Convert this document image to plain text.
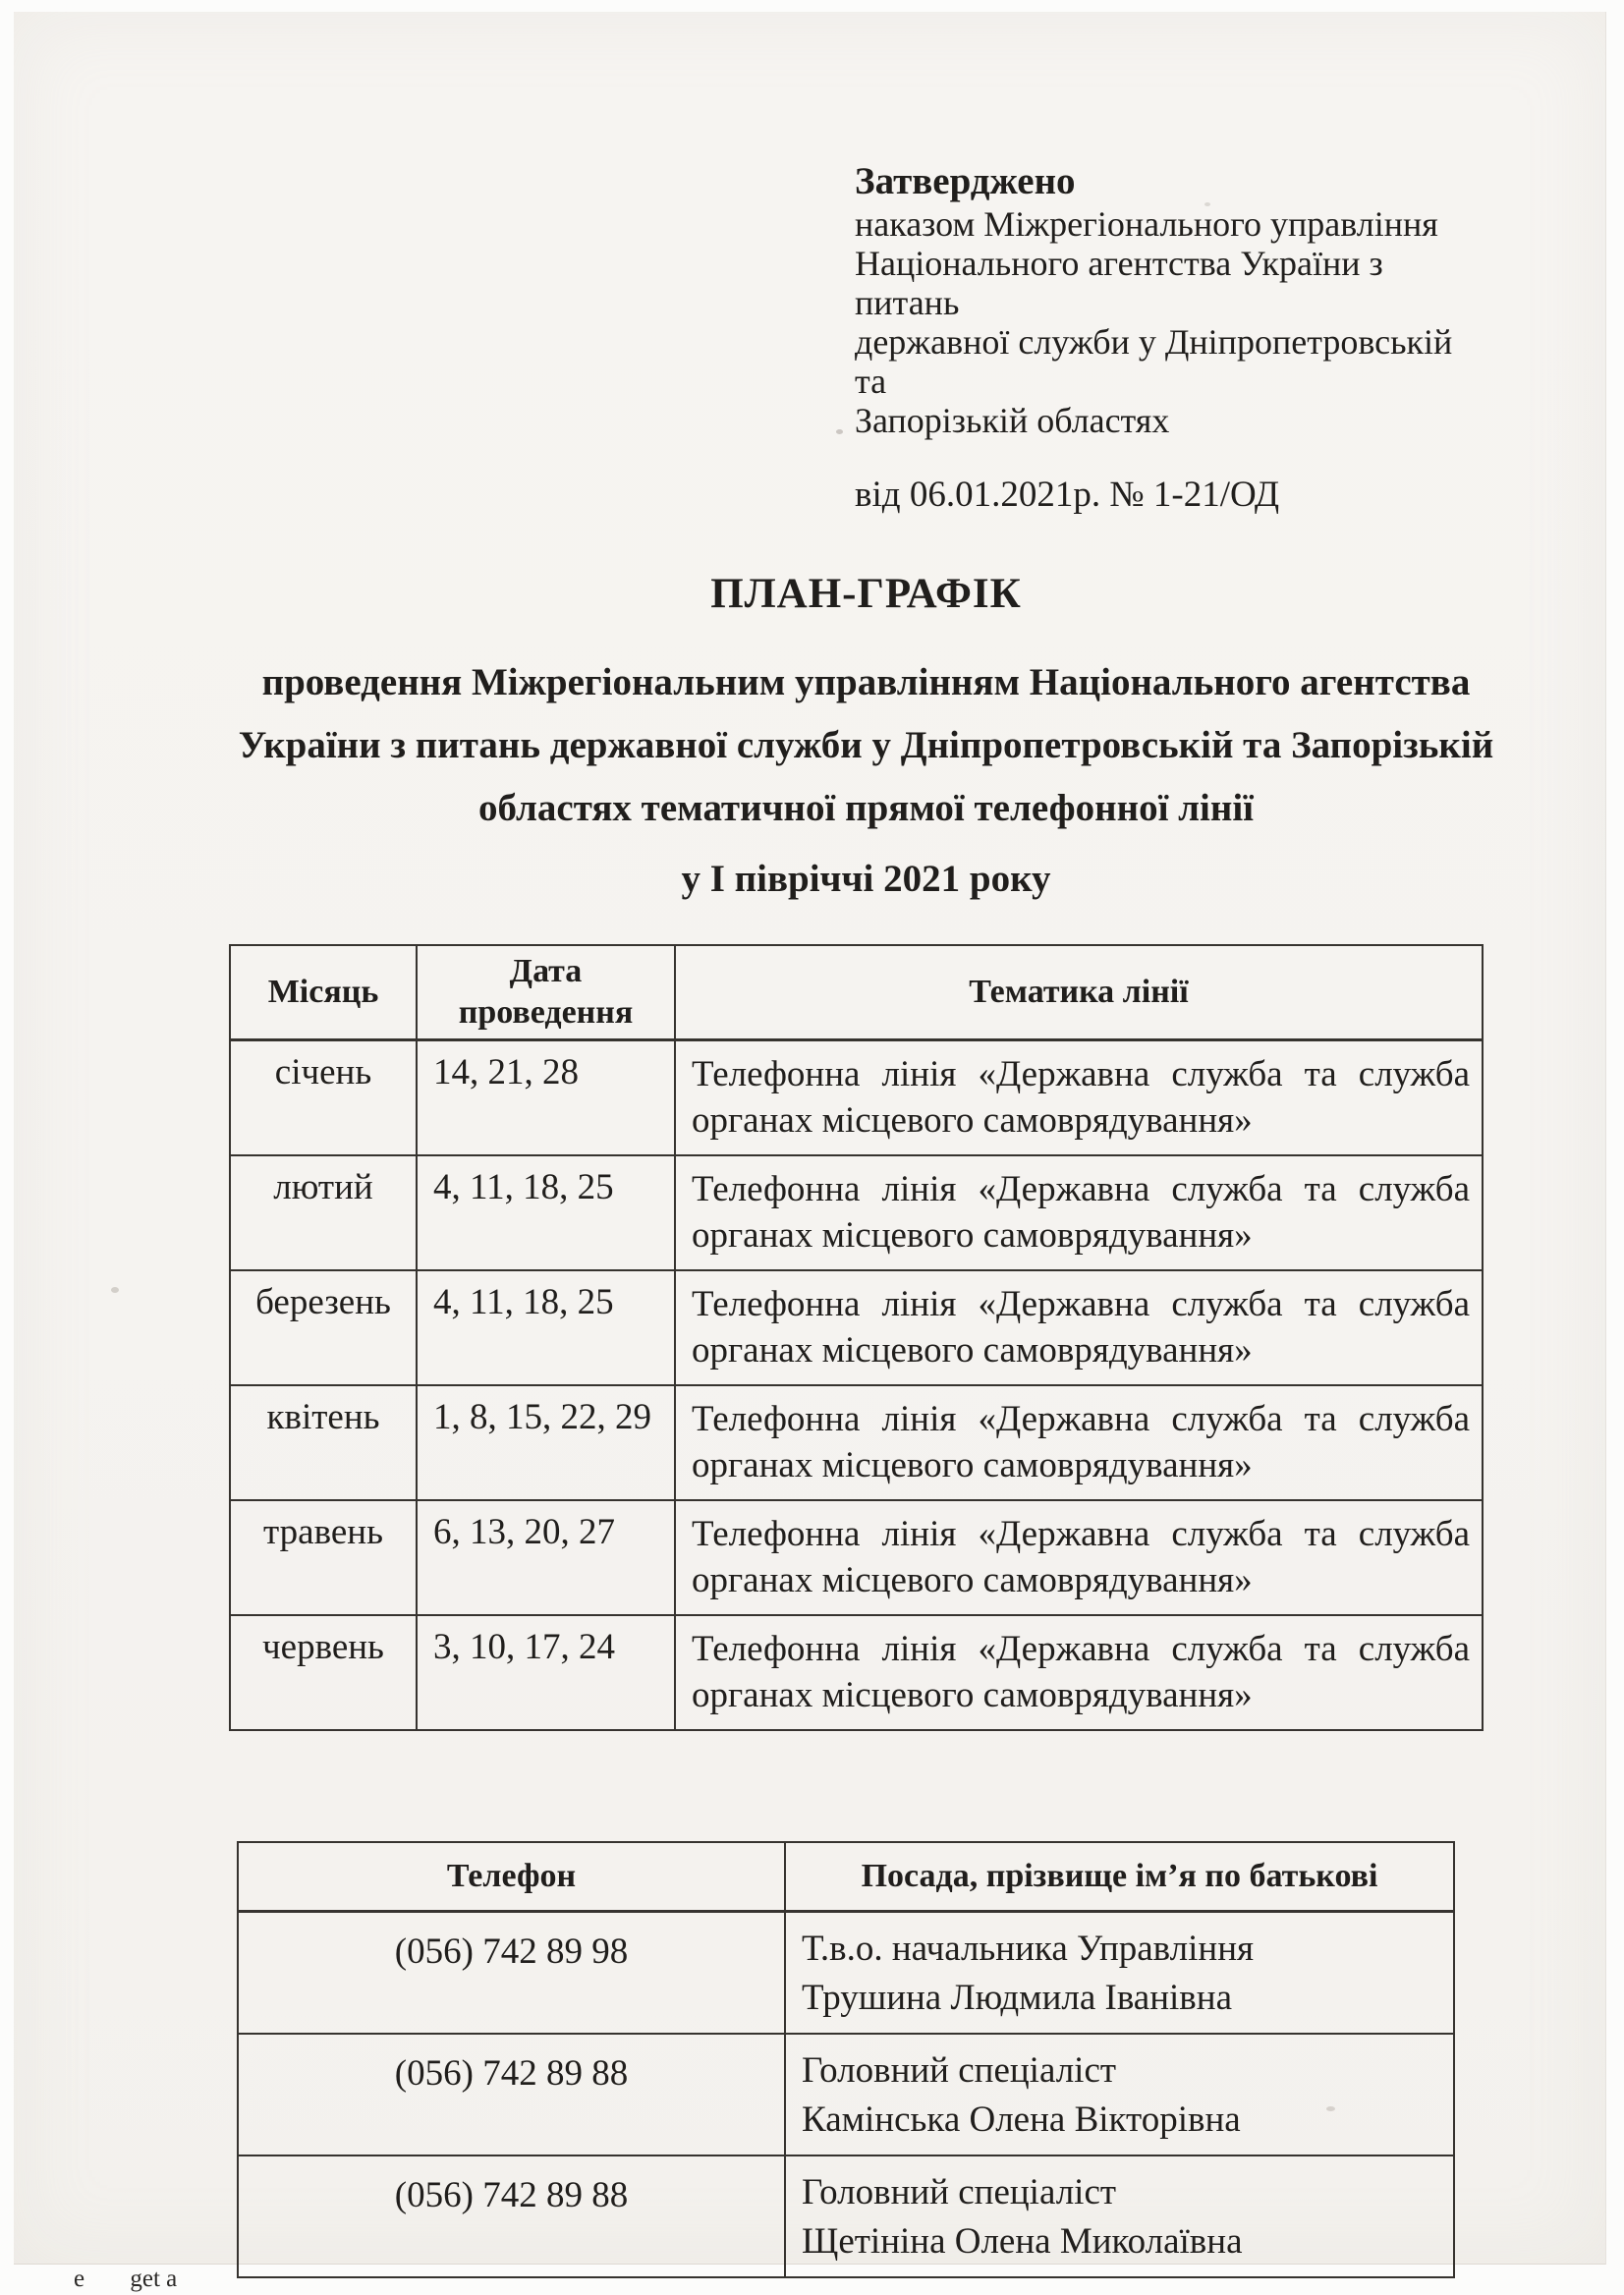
Затверджено
наказом Міжрегіонального управління
Національного агентства України з питань
державної служби у Дніпропетровській та
Запорізькій областях
від 06.01.2021р. № 1-21/ОД
ПЛАН-ГРАФІК
проведення Міжрегіональним управлінням Національного агентства
України з питань державної служби у Дніпропетровській та Запорізькій
областях тематичної прямої телефонної лінії
у І півріччі 2021 року
Місяць	Дата проведення	Тематика лінії
січень	14, 21, 28	Телефонна лінія «Державна служба та служба органах місцевого самоврядування»
лютий	4, 11, 18, 25	Телефонна лінія «Державна служба та служба органах місцевого самоврядування»
березень	4, 11, 18, 25	Телефонна лінія «Державна служба та служба органах місцевого самоврядування»
квітень	1, 8, 15, 22, 29	Телефонна лінія «Державна служба та служба органах місцевого самоврядування»
травень	6, 13, 20, 27	Телефонна лінія «Державна служба та служба органах місцевого самоврядування»
червень	3, 10, 17, 24	Телефонна лінія «Державна служба та служба органах місцевого самоврядування»
Телефон	Посада, прізвище ім’я по батькові
(056) 742 89 98	Т.в.о. начальника Управління
Трушина Людмила Іванівна

(056) 742 89 88	Головний спеціаліст
Камінська Олена Вікторівна

(056) 742 89 88	Головний спеціаліст
Щетініна Олена Миколаївна
e get a
